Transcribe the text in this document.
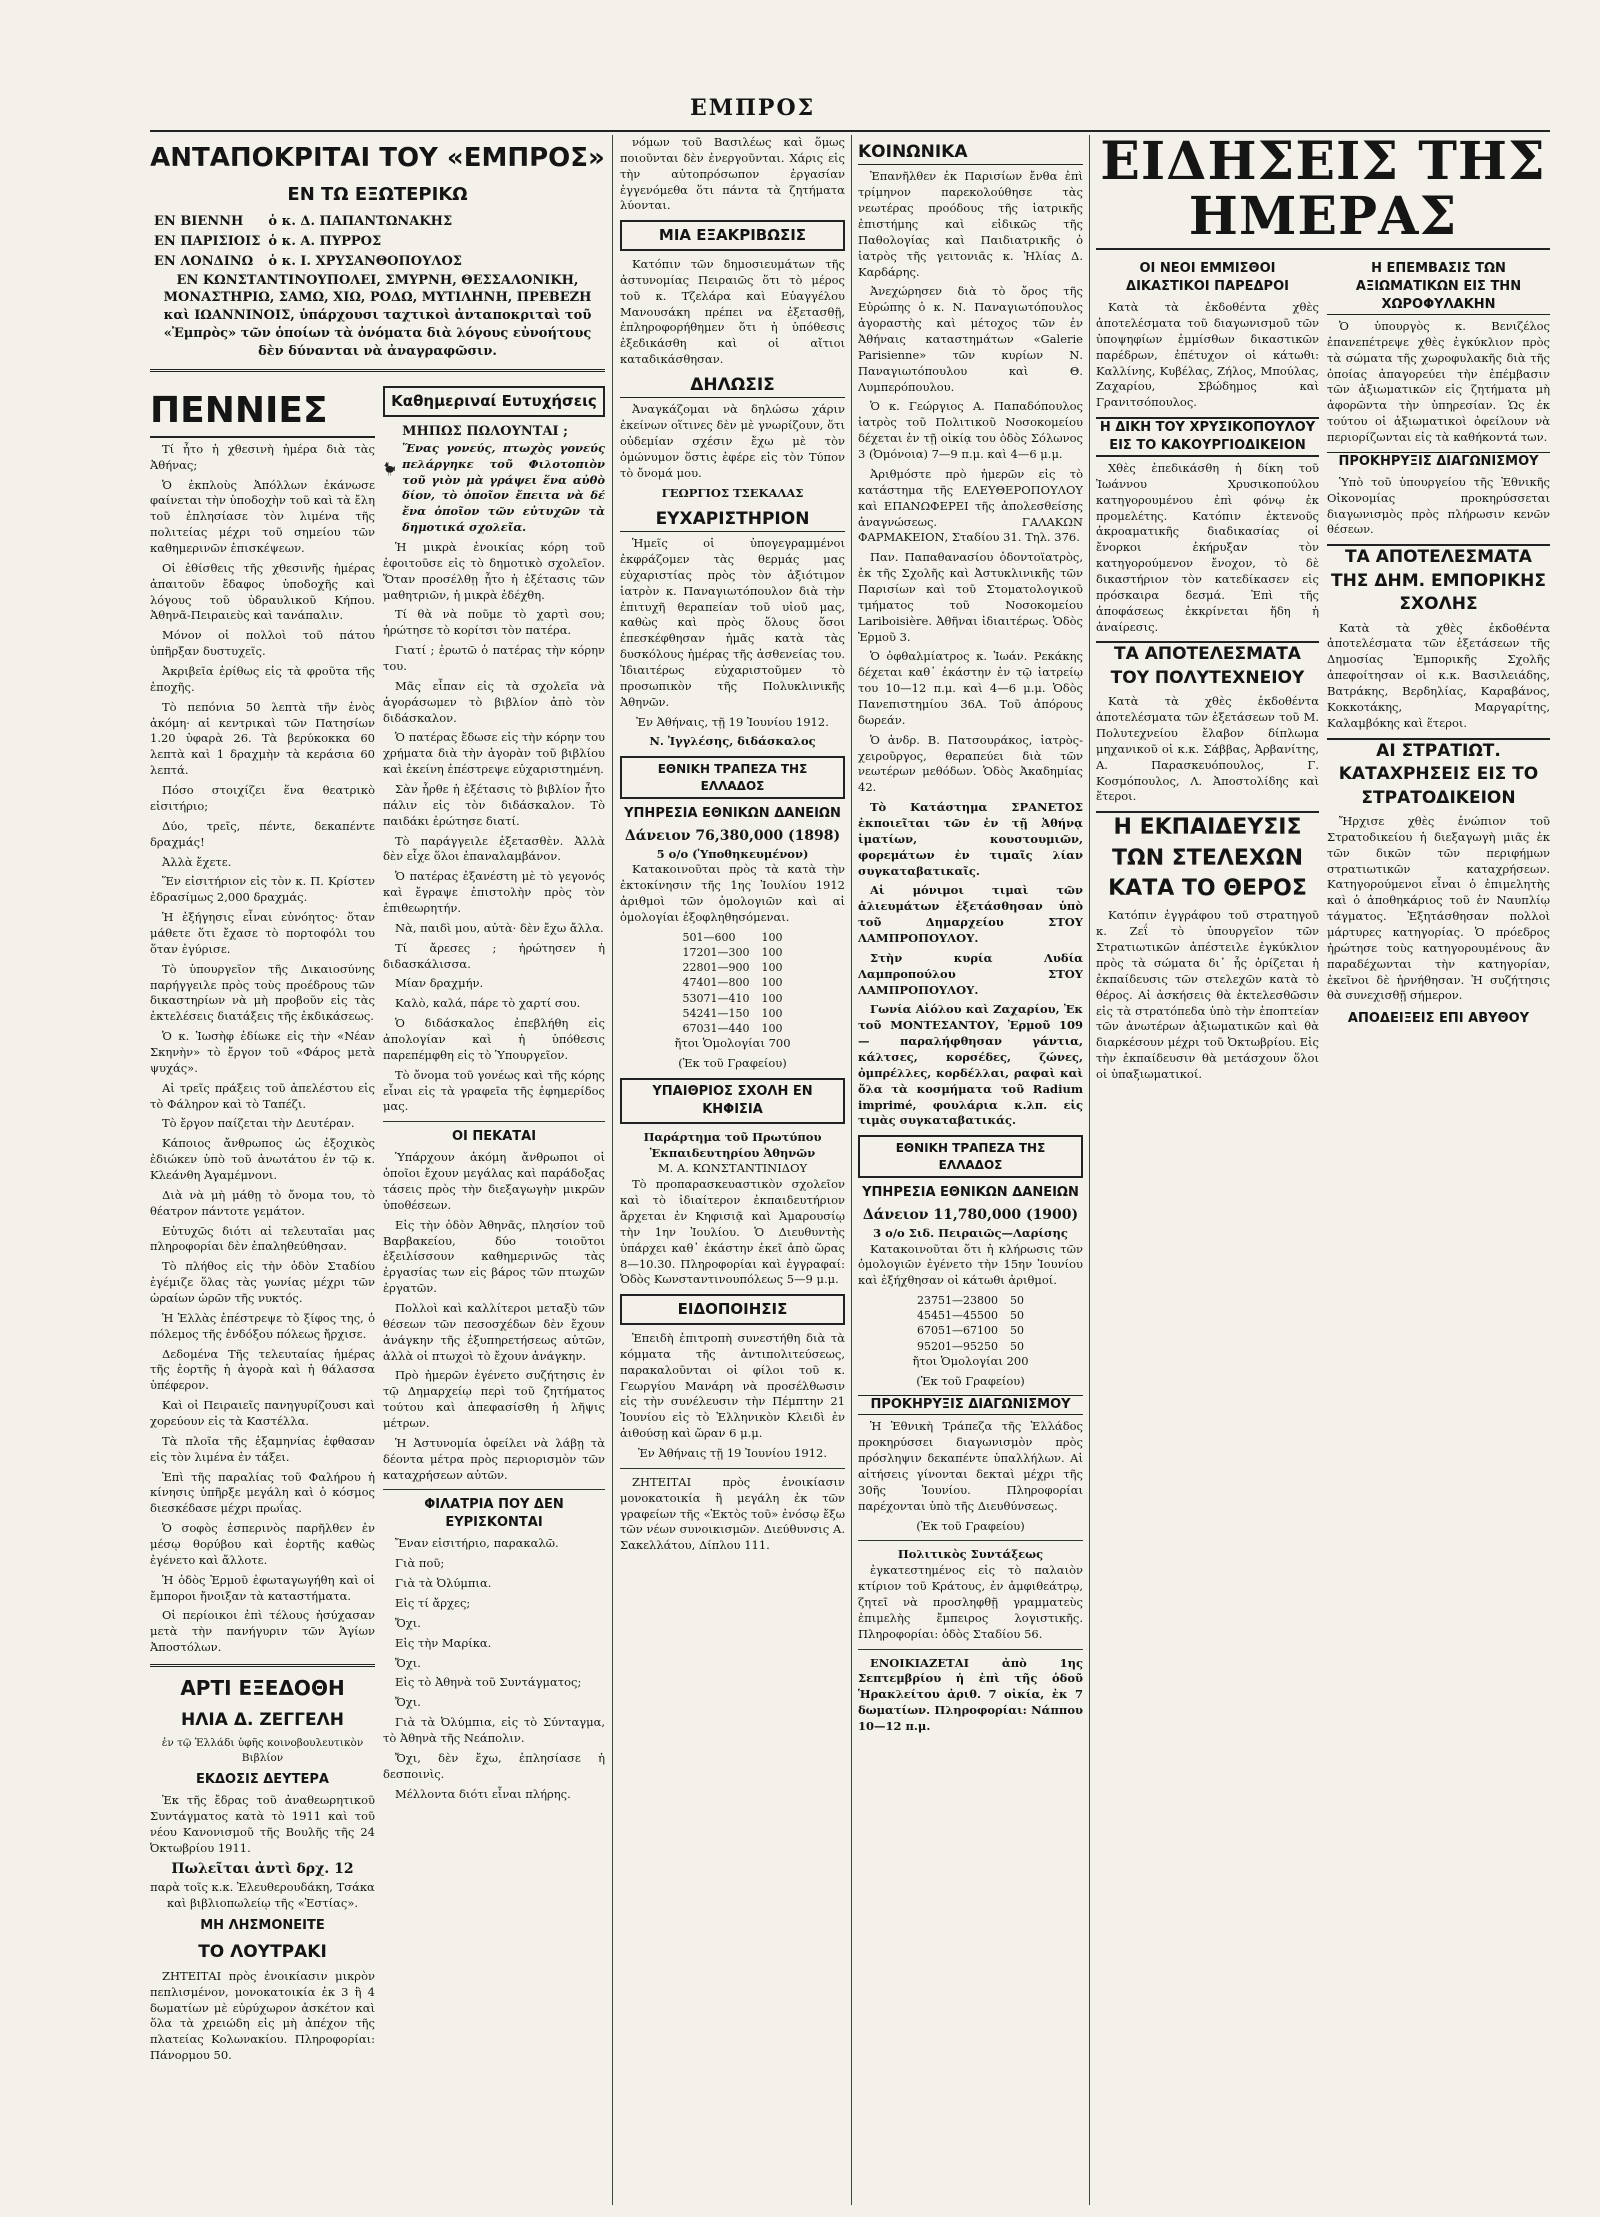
ΕΜΠΡΟΣ
ΑΝΤΑΠΟΚΡΙΤΑΙ ΤΟΥ «ΕΜΠΡΟΣ»
ΕΝ ΤΩ ΕΞΩΤΕΡΙΚΩ
ΕΝ ΒΙΕΝΝΗ	ὁ κ. Δ. ΠΑΠΑΝΤΩΝΑΚΗΣ
ΕΝ ΠΑΡΙΣΙΟΙΣ	ὁ κ. Α. ΠΥΡΡΟΣ
ΕΝ ΛΟΝΔΙΝΩ	ὁ κ. Ι. ΧΡΥΣΑΝΘΟΠΟΥΛΟΣ

ΕΝ ΚΩΝΣΤΑΝΤΙΝΟΥΠΟΛΕΙ, ΣΜΥΡΝΗ, ΘΕΣΣΑΛΟΝΙΚΗ, ΜΟΝΑΣΤΗΡΙΩ, ΣΑΜΩ, ΧΙΩ, ΡΟΔΩ, ΜΥΤΙΛΗΝΗ, ΠΡΕΒΕΖΗ καὶ ΙΩΑΝΝΙΝΟΙΣ, ὑπάρχουσι ταχτικοὶ ἀνταποκριταὶ τοῦ «Ἐμπρὸς» τῶν ὁποίων τὰ ὀνόματα διὰ λόγους εὐνοήτους δὲν δύνανται νὰ ἀναγραφῶσιν.

ΠΕΝΝΙΕΣ

Τί ἦτο ἡ χθεσινὴ ἡμέρα διὰ τὰς Ἀθήνας;

Ὁ ἐκπλοὺς Ἀπόλλων ἐκάνωσε φαίνεται τὴν ὑποδοχὴν τοῦ καὶ τὰ ἔλη τοῦ ἐπλησίασε τὸν λιμένα τῆς πολιτείας μέχρι τοῦ σημείου τῶν καθημερινῶν ἐπισκέψεων.

Οἱ ἐθίσθεις τῆς χθεσινῆς ἡμέρας ἀπαιτοῦν ἔδαφος ὑποδοχῆς καὶ λόγους τοῦ ὑδραυλικοῦ Κήπου. Ἀθηνᾶ-Πειραιεὺς καὶ τανάπαλιν.

Μόνον οἱ πολλοὶ τοῦ πάτου ὑπῆρξαν δυστυχεῖς.

Ἀκριβεῖα ἐρίθως εἰς τὰ φροῦτα τῆς ἐποχῆς.

Τὸ πεπόνια 50 λεπτὰ τῆν ἑνὸς ἀκόμη· αἱ κεντρικαὶ τῶν Πατησίων 1.20 ὑφαρὰ 26. Τὰ βερύκοκκα 60 λεπτὰ καὶ 1 δραχμὴν τὰ κεράσια 60 λεπτά.

Πόσο στοιχίζει ἕνα θεατρικὸ εἰσιτήριο;

Δύο, τρεῖς, πέντε, δεκαπέντε δραχμάς!

Ἀλλὰ ἔχετε.

Ἕν εἰσιτήριον εἰς τὸν κ. Π. Κρίστεν ἐδρασίμως 2,000 δραχμάς.

Ἡ ἐξήγησις εἶναι εὐνόητος· ὅταν μάθετε ὅτι ἔχασε τὸ πορτοφόλι του ὅταν ἐγύρισε.

Τὸ ὑπουργεῖον τῆς Δικαιοσύνης παρήγγειλε πρὸς τοὺς προέδρους τῶν δικαστηρίων νὰ μὴ προβοῦν εἰς τὰς ἐκτελέσεις διατάξεις τῆς ἐκδικάσεως.

Ὁ κ. Ἰωσὴφ ἐδίωκε εἰς τὴν «Νέαν Σκηνὴν» τὸ ἔργον τοῦ «Φάρος μετὰ ψυχάς».

Αἱ τρεῖς πράξεις τοῦ ἀπελέστου εἰς τὸ Φάληρον καὶ τὸ Ταπέζι.

Τὸ ἔργον παίζεται τὴν Δευτέραν.

Κάποιος ἄνθρωπος ὡς ἐξοχικὸς ἐδιώκεν ὑπὸ τοῦ ἀνωτάτου ἐν τῷ κ. Κλεάνθη Ἀγαμέμνονι.

Διὰ νὰ μὴ μάθῃ τὸ ὄνομα του, τὸ θέατρον πάντοτε γεμάτον.

Εὐτυχῶς διότι αἱ τελευταῖαι μας πληροφορίαι δὲν ἐπαληθεύθησαν.

Τὸ πλήθος εἰς τὴν ὁδὸν Σταδίου ἐγέμιζε ὅλας τὰς γωνίας μέχρι τῶν ὡραίων ὡρῶν τῆς νυκτός.

Ἡ Ἑλλὰς ἐπέστρεψε τὸ ξίφος της, ὁ πόλεμος τῆς ἐνδόξου πόλεως ἤρχισε.

Δεδομένα Τῆς τελευταίας ἡμέρας τῆς ἑορτῆς ἡ ἀγορὰ καὶ ἡ θάλασσα ὑπέφερον.

Καὶ οἱ Πειραιεῖς πανηγυρίζουσι καὶ χορεύουν εἰς τὰ Καστέλλα.

Τὰ πλοῖα τῆς ἐξαμηνίας ἐφθασαν εἰς τὸν λιμένα ἐν τάξει.

Ἐπὶ τῆς παραλίας τοῦ Φαλήρου ἡ κίνησις ὑπῆρξε μεγάλη καὶ ὁ κόσμος διεσκέδασε μέχρι πρωΐας.

Ὁ σοφὸς ἐσπερινὸς παρῆλθεν ἐν μέσῳ θορύβου καὶ ἑορτῆς καθὼς ἐγένετο καὶ ἄλλοτε.

Ἡ ὁδὸς Ἑρμοῦ ἐφωταγωγήθη καὶ οἱ ἔμποροι ἤνοιξαν τὰ καταστήματα.

Οἱ περίοικοι ἐπὶ τέλους ἡσύχασαν μετὰ τὴν πανήγυριν τῶν Ἁγίων Ἀποστόλων.

ΑΡΤΙ ΕΞΕΔΟΘΗ
ΗΛΙΑ Δ. ΖΕΓΓΕΛΗ

ἐν τῷ Ἑλλάδι ὑφῆς κοινοβουλευτικὸν Βιβλίον

ΕΚΔΟΣΙΣ ΔΕΥΤΕΡΑ

Ἐκ τῆς ἔδρας τοῦ ἀναθεωρητικοῦ Συντάγματος κατὰ τὸ 1911 καὶ τοῦ νέου Κανονισμοῦ τῆς Βουλῆς τῆς 24 Ὀκτωβρίου 1911.

Πωλεῖται ἀντὶ δρχ. 12

παρὰ τοῖς κ.κ. Ἐλευθερουδάκη, Τσάκα καὶ βιβλιοπωλείῳ τῆς «Ἑστίας».

ΜΗ ΛΗΣΜΟΝΕΙΤΕ
ΤΟ ΛΟΥΤΡΑΚΙ

ΖΗΤΕΙΤΑΙ πρὸς ἐνοικίασιν μικρὸν πεπλισμένον, μονοκατοικία ἐκ 3 ἢ 4 δωματίων μὲ εὐρύχωρον ἀσκέτον καὶ ὅλα τὰ χρειώδη εἰς μὴ ἀπέχον τῆς πλατείας Κολωνακίου. Πληροφορίαι: Πάνορμου 50.

Καθημεριναί Ευτυχήσεις
ΜΗΠΩΣ ΠΩΛΟΥΝΤΑΙ ;

Ἕνας γονεύς, πτωχὸς γονεύς πελάργηκε τοῦ Φιλοτοπιὸν τοῦ γιὸν μὰ γράψει ἕνα αὐθὸ δίον, τὸ ὁποῖον ἔπειτα νὰ δέ ἔνα ὁποῖον τῶν εὐτυχῶν τὰ δημοτικά σχολεῖα.

Ἡ μικρὰ ἐνοικίας κόρη τοῦ ἐφοιτοῦσε εἰς τὸ δημοτικὸ σχολεῖον. Ὅταν προσέλθῃ ἦτο ἡ ἐξέτασις τῶν μαθητριῶν, ἡ μικρὰ ἐδέχθη.

Τί θὰ νὰ ποῦμε τὸ χαρτὶ σου; ἠρώτησε τὸ κορίτσι τὸν πατέρα.

Γιατί ; ἐρωτῶ ὁ πατέρας τὴν κόρην του.

Μᾶς εἶπαν εἰς τὰ σχολεῖα νὰ ἀγοράσωμεν τὸ βιβλίον ἀπὸ τὸν διδάσκαλον.

Ὁ πατέρας ἔδωσε εἰς τὴν κόρην του χρήματα διὰ τὴν ἀγορὰν τοῦ βιβλίου καὶ ἐκείνη ἐπέστρεψε εὐχαριστημένη.

Σὰν ἦρθε ἡ ἐξέτασις τὸ βιβλίον ἦτο πάλιν εἰς τὸν διδάσκαλον. Τὸ παιδάκι ἐρώτησε διατί.

Τὸ παράγγειλε ἐξετασθὲν. Ἀλλὰ δὲν εἶχε ὅλοι ἐπαναλαμβάνον.

Ὁ πατέρας ἐξανέστη μὲ τὸ γεγονός καὶ ἔγραψε ἐπιστολὴν πρὸς τὸν ἐπιθεωρητήν.

Νὰ, παιδὶ μου, αὐτὰ· δὲν ἔχω ἄλλα.

Τί ἄρεσες ; ἠρώτησεν ἡ διδασκάλισσα.

Μίαν δραχμήν.

Καλὸ, καλά, πάρε τὸ χαρτί σου.

Ὁ διδάσκαλος ἐπεβλήθη εἰς ἀπολογίαν καὶ ἡ ὑπόθεσις παρεπέμφθη εἰς τὸ Ὑπουργεῖον.

Τὸ ὄνομα τοῦ γονέως καὶ τῆς κόρης εἶναι εἰς τὰ γραφεῖα τῆς ἐφημερίδος μας.

ΟΙ ΠΕΚΑΤΑΙ

Ὑπάρχουν ἀκόμη ἄνθρωποι οἱ ὁποῖοι ἔχουν μεγάλας καὶ παράδοξας τάσεις πρὸς τὴν διεξαγωγὴν μικρῶν ὑποθέσεων.

Εἰς τὴν ὁδὸν Ἀθηνᾶς, πλησίον τοῦ Βαρβακείου, δύο τοιοῦτοι ἐξειλίσσουν καθημερινῶς τὰς ἐργασίας των εἰς βάρος τῶν πτωχῶν ἐργατῶν.

Πολλοὶ καὶ καλλίτεροι μεταξὺ τῶν θέσεων τῶν πεσοσχέδων δὲν ἔχουν ἀνάγκην τῆς ἐξυπηρετήσεως αὐτῶν, ἀλλὰ οἱ πτωχοὶ τὸ ἔχουν ἀνάγκην.

Πρὸ ἡμερῶν ἐγένετο συζήτησις ἐν τῷ Δημαρχείῳ περὶ τοῦ ζητήματος τούτου καὶ ἀπεφασίσθη ἡ λῆψις μέτρων.

Ἡ Ἀστυνομία ὀφείλει νὰ λάβῃ τὰ δέοντα μέτρα πρὸς περιορισμὸν τῶν καταχρήσεων αὐτῶν.

ΦΙΛΑΤΡΙΑ ΠΟΥ ΔΕΝ ΕΥΡΙΣΚΟΝΤΑΙ

Ἔναν εἰσιτήριο, παρακαλῶ.

Γιὰ ποῦ;

Γιὰ τὰ Ὀλύμπια.

Εἰς τί ἄρχες;

Ὄχι.

Εἰς τὴν Μαρίκα.

Ὄχι.

Εἰς τὸ Ἀθηνὰ τοῦ Συντάγματος;

Ὄχι.

Γιὰ τὰ Ὀλύμπια, εἰς τὸ Σύνταγμα, τὸ Ἀθηνὰ τῆς Νεάπολιν.

Ὄχι, δὲν ἔχω, ἐπλησίασε ἡ δεσποινὶς.

Μέλλοντα διότι εἶναι πλήρης.

νόμων τοῦ Βασιλέως καὶ ὅμως ποιοῦνται δὲν ἐνεργοῦνται. Χάρις εἰς τὴν αὐτοπρόσωπον ἐργασίαν ἐγγενόμεθα ὅτι πάντα τὰ ζητήματα λύονται.

ΜΙΑ ΕΞΑΚΡΙΒΩΣΙΣ

Κατόπιν τῶν δημοσιευμάτων τῆς ἀστυνομίας Πειραιῶς ὅτι τὸ μέρος τοῦ κ. Τζελάρα καὶ Εὐαγγέλου Μανουσάκη πρέπει να ἐξετασθῇ, ἐπληροφορήθημεν ὅτι ἡ ὑπόθεσις ἐξεδικάσθη καὶ οἱ αἴτιοι καταδικάσθησαν.

ΔΗΛΩΣΙΣ

Ἀναγκάζομαι νὰ δηλώσω χάριν ἐκείνων οἵτινες δὲν μὲ γνωρίζουν, ὅτι οὐδεμίαν σχέσιν ἔχω μὲ τὸν ὁμώνυμον ὅστις ἐφέρε εἰς τὸν Τύπον τὸ ὄνομά μου.

ΓΕΩΡΓΙΟΣ ΤΣΕΚΑΛΑΣ

ΕΥΧΑΡΙΣΤΗΡΙΟΝ

Ἡμεῖς οἱ ὑπογεγραμμένοι ἐκφράζομεν τὰς θερμάς μας εὐχαριστίας πρὸς τὸν ἀξιότιμον ἰατρὸν κ. Παναγιωτόπουλον διὰ τὴν ἐπιτυχῆ θεραπείαν τοῦ υἱοῦ μας, καθὼς καὶ πρὸς ὅλους ὅσοι ἐπεσκέφθησαν ἡμᾶς κατὰ τὰς δυσκόλους ἡμέρας τῆς ἀσθενείας του. Ἰδιαιτέρως εὐχαριστοῦμεν τὸ προσωπικὸν τῆς Πολυκλινικῆς Ἀθηνῶν.

Ἐν Ἀθήναις, τῇ 19 Ἰουνίου 1912.

Ν. Ἰγγλέσης, διδάσκαλος

ΕΘΝΙΚΗ ΤΡΑΠΕΖΑ ΤΗΣ ΕΛΛΑΔΟΣ
ΥΠΗΡΕΣΙΑ ΕΘΝΙΚΩΝ ΔΑΝΕΙΩΝ
Δάνειον 76,380,000 (1898)
5 ο/ο (Ὑποθηκευμένον)

Κατακοινοῦται πρὸς τὰ κατὰ τὴν ἐκτοκίνησιν τῆς 1ης Ἰουλίου 1912 ἀριθμοὶ τῶν ὁμολογιῶν καὶ αἱ ὁμολογίαι ἐξοφληθησόμεναι.

501—600	100
17201—300	100
22801—900	100
47401—800	100
53071—410	100
54241—150	100
67031—440	100

ἤτοι Ὁμολογίαι 700

(Ἐκ τοῦ Γραφείου)

ΥΠΑΙΘΡΙΟΣ ΣΧΟΛΗ ΕΝ ΚΗΦΙΣΙΑ
Παράρτημα τοῦ Πρωτύπου Ἐκπαιδευτηρίου Ἀθηνῶν
Μ. Α. ΚΩΝΣΤΑΝΤΙΝΙΔΟΥ

Τὸ προπαρασκευαστικὸν σχολεῖον καὶ τὸ ἰδιαίτερον ἐκπαιδευτήριον ἄρχεται ἐν Κηφισιᾷ καὶ Ἀμαρουσίῳ τὴν 1ην Ἰουλίου. Ὁ Διευθυντὴς ὑπάρχει καθ᾽ ἑκάστην ἐκεῖ ἀπὸ ὥρας 8—10.30. Πληροφορίαι καὶ ἐγγραφαί: Ὁδὸς Κωνσταντινουπόλεως 5—9 μ.μ.

ΕΙΔΟΠΟΙΗΣΙΣ

Ἐπειδὴ ἐπιτροπὴ συνεστήθη διὰ τὰ κόμματα τῆς ἀντιπολιτεύσεως, παρακαλοῦνται οἱ φίλοι τοῦ κ. Γεωργίου Μανάρη νὰ προσέλθωσιν εἰς τὴν συνέλευσιν τὴν Πέμπτην 21 Ἰουνίου εἰς τὸ Ἑλληνικὸν Κλειδὶ ἐν ἀιθούσῃ καὶ ὥραν 6 μ.μ.

Ἐν Ἀθήναις τῇ 19 Ἰουνίου 1912.

ΖΗΤΕΙΤΑΙ πρὸς ἐνοικίασιν μονοκατοικία ἢ μεγάλη ἐκ τῶν γραφείων τῆς «Ἐκτὸς τοῦ» ἐνόσῳ ἔξω τῶν νέων συνοικισμῶν. Διεύθυνσις Α. Σακελλάτου, Δίπλου 111.

ΚΟΙΝΩΝΙΚΑ

Ἐπανῆλθεν ἐκ Παρισίων ἔνθα ἐπὶ τρίμηνον παρεκολούθησε τὰς νεωτέρας προόδους τῆς ἰατρικῆς ἐπιστήμης καὶ εἰδικῶς τῆς Παθολογίας καὶ Παιδιατρικῆς ὁ ἰατρὸς τῆς γειτονιᾶς κ. Ἠλίας Δ. Καρδάρης.

Ἀνεχώρησεν διὰ τὸ ὄρος τῆς Εὐρώπης ὁ κ. Ν. Παναγιωτόπουλος ἀγοραστὴς καὶ μέτοχος τῶν ἐν Ἀθήναις καταστημάτων «Galerie Parisienne» τῶν κυρίων Ν. Παναγιωτόπουλου καὶ Θ. Λυμπερόπουλου.

Ὁ κ. Γεώργιος Α. Παπαδόπουλος ἰατρὸς τοῦ Πολιτικοῦ Νοσοκομείου δέχεται ἐν τῇ οἰκίᾳ του ὁδὸς Σόλωνος 3 (Ὀμόνοια) 7—9 π.μ. καὶ 4—6 μ.μ.

Ἀριθμόστε πρὸ ἡμερῶν εἰς τὸ κατάστημα τῆς ΕΛΕΥΘΕΡΟΠΟΥΛΟΥ καὶ ΕΠΑΝΩΦΕΡΕΙ τῆς ἀπολεσθείσης ἀναγνώσεως. ΓΑΛΑΚΩΝ ΦΑΡΜΑΚΕΙΟΝ, Σταδίου 31. Τηλ. 376.

Παν. Παπαθανασίου ὀδοντοϊατρὸς, ἐκ τῆς Σχολῆς καὶ Ἀστυκλινικῆς τῶν Παρισίων καὶ τοῦ Στοματολογικοῦ τμήματος τοῦ Νοσοκομείου Lariboisière. Ἀθῆναι ἰδιαιτέρως. Ὁδὸς Ἐρμοῦ 3.

Ὁ ὀφθαλμίατρος κ. Ἰωάν. Ρεκάκης δέχεται καθ᾽ ἑκάστην ἐν τῷ ἰατρείῳ του 10—12 π.μ. καὶ 4—6 μ.μ. Ὁδὸς Πανεπιστημίου 36Α. Τοῦ ἀπόρους δωρεάν.

Ὁ ἀνδρ. Β. Πατσουράκος, ἰατρὸς-χειροῦργος, θεραπεύει διὰ τῶν νεωτέρων μεθόδων. Ὁδὸς Ἀκαδημίας 42.

Τὸ Κατάστημα ΣΡΑΝΕΤΟΣ ἐκποιεῖται τῶν ἐν τῇ Ἀθήνᾳ ἱματίων, κουστουμιῶν, φορεμάτων ἐν τιμαῖς λίαν συγκαταβατικαῖς.

Αἱ μόνιμοι τιμαὶ τῶν ἁλιευμάτων ἐξετάσθησαν ὑπὸ τοῦ Δημαρχείου ΣΤΟΥ ΛΑΜΠΡΟΠΟΥΛΟΥ.

Στὴν κυρία Λυδία Λαμπροπούλου ΣΤΟΥ ΛΑΜΠΡΟΠΟΥΛΟΥ.

Γωνία Αἰόλου καὶ Ζαχαρίου, Ἐκ τοῦ ΜΟΝΤΕΣΑΝΤΟΥ, Ἐρμοῦ 109 — παραλήφθησαν γάντια, κάλτσες, κορσέδες, ζώνες, ὀμπρέλλες, κορδέλλαι, ραφαὶ καὶ ὅλα τὰ κοσμήματα τοῦ Radium imprimé, φουλάρια κ.λπ. εἰς τιμὰς συγκαταβατικάς.

ΕΘΝΙΚΗ ΤΡΑΠΕΖΑ ΤΗΣ ΕΛΛΑΔΟΣ
ΥΠΗΡΕΣΙΑ ΕΘΝΙΚΩΝ ΔΑΝΕΙΩΝ
Δάνειον 11,780,000 (1900)
3 ο/ο Σιδ. Πειραιῶς—Λαρίσης

Κατακοινοῦται ὅτι ἡ κλήρωσις τῶν ὁμολογιῶν ἐγένετο τὴν 15ην Ἰουνίου καὶ ἐξήχθησαν οἱ κάτωθι ἀριθμοί.

23751—23800	50
45451—45500	50
67051—67100	50
95201—95250	50

ἤτοι Ὁμολογίαι 200

(Ἐκ τοῦ Γραφείου)

ΠΡΟΚΗΡΥΞΙΣ ΔΙΑΓΩΝΙΣΜΟΥ

Ἡ Ἐθνικὴ Τράπεζα τῆς Ἑλλάδος προκηρύσσει διαγωνισμὸν πρὸς πρόσληψιν δεκαπέντε ὑπαλλήλων. Αἱ αἰτήσεις γίνονται δεκταὶ μέχρι τῆς 30ῆς Ἰουνίου. Πληροφορίαι παρέχονται ὑπὸ τῆς Διευθύνσεως.

(Ἐκ τοῦ Γραφείου)

Πολιτικὸς Συντάξεως

ἐγκατεστημένος εἰς τὸ παλαιὸν κτίριον τοῦ Κράτους, ἐν ἀμφιθεάτρῳ, ζητεῖ νὰ προσληφθῇ γραμματεὺς ἐπιμελὴς ἔμπειρος λογιστικῆς. Πληροφορίαι: ὁδὸς Σταδίου 56.

ΕΝΟΙΚΙΑΖΕΤΑΙ ἀπὸ 1ης Σεπτεμβρίου ἡ ἐπὶ τῆς ὁδοῦ Ἡρακλείτου ἀριθ. 7 οἰκία, ἐκ 7 δωματίων. Πληροφορίαι: Νάππου 10—12 π.μ.

ΕΙΔΗΣΕΙΣ ΤΗΣ ΗΜΕΡΑΣ
ΟΙ ΝΕΟΙ ΕΜΜΙΣΘΟΙ ΔΙΚΑΣΤΙΚΟΙ ΠΑΡΕΔΡΟΙ

Κατὰ τὰ ἐκδοθέντα χθὲς ἀποτελέσματα τοῦ διαγωνισμοῦ τῶν ὑποψηφίων ἐμμίσθων δικαστικῶν παρέδρων, ἐπέτυχον οἱ κάτωθι: Καλλίνης, Κυβέλας, Ζήλος, Μπούλας, Ζαχαρίου, Σβώδημος καὶ Γρανιτσόπουλος.

Η ΔΙΚΗ ΤΟΥ ΧΡΥΣΙΚΟΠΟΥΛΟΥ ΕΙΣ ΤΟ ΚΑΚΟΥΡΓΙΟΔΙΚΕΙΟΝ

Χθὲς ἐπεδικάσθη ἡ δίκη τοῦ Ἰωάννου Χρυσικοπούλου κατηγορουμένου ἐπὶ φόνῳ ἐκ προμελέτης. Κατόπιν ἐκτενοῦς ἀκροαματικῆς διαδικασίας οἱ ἔνορκοι ἐκήρυξαν τὸν κατηγορούμενον ἔνοχον, τὸ δὲ δικαστήριον τὸν κατεδίκασεν εἰς πρόσκαιρα δεσμά. Ἐπὶ τῆς ἀποφάσεως ἐκκρίνεται ἤδη ἡ ἀναίρεσις.

ΤΑ ΑΠΟΤΕΛΕΣΜΑΤΑ ΤΟΥ ΠΟΛΥΤΕΧΝΕΙΟΥ

Κατὰ τὰ χθὲς ἐκδοθέντα ἀποτελέσματα τῶν ἐξετάσεων τοῦ Μ. Πολυτεχνείου ἔλαβον δίπλωμα μηχανικοῦ οἱ κ.κ. Σάββας, Ἀρβανίτης, Α. Παρασκευόπουλος, Γ. Κοσμόπουλος, Λ. Ἀποστολίδης καὶ ἕτεροι.

Η ΕΚΠΑΙΔΕΥΣΙΣ ΤΩΝ ΣΤΕΛΕΧΩΝ ΚΑΤΑ ΤΟ ΘΕΡΟΣ

Κατόπιν ἐγγράφου τοῦ στρατηγοῦ κ. Ζεΐ τὸ ὑπουργεῖον τῶν Στρατιωτικῶν ἀπέστειλε ἐγκύκλιον πρὸς τὰ σώματα δι᾽ ἧς ὁρίζεται ἡ ἐκπαίδευσις τῶν στελεχῶν κατὰ τὸ θέρος. Αἱ ἀσκήσεις θὰ ἐκτελεσθῶσιν εἰς τὰ στρατόπεδα ὑπὸ τὴν ἐποπτείαν τῶν ἀνωτέρων ἀξιωματικῶν καὶ θὰ διαρκέσουν μέχρι τοῦ Ὀκτωβρίου. Εἰς τὴν ἐκπαίδευσιν θὰ μετάσχουν ὅλοι οἱ ὑπαξιωματικοί.

Η ΕΠΕΜΒΑΣΙΣ ΤΩΝ ΑΞΙΩΜΑΤΙΚΩΝ ΕΙΣ ΤΗΝ ΧΩΡΟΦΥΛΑΚΗΝ

Ὁ ὑπουργὸς κ. Βενιζέλος ἐπανεπέτρεψε χθὲς ἐγκύκλιον πρὸς τὰ σώματα τῆς χωροφυλακῆς διὰ τῆς ὁποίας ἀπαγορεύει τὴν ἐπέμβασιν τῶν ἀξιωματικῶν εἰς ζητήματα μὴ ἀφορῶντα τὴν ὑπηρεσίαν. Ὡς ἐκ τούτου οἱ ἀξιωματικοὶ ὀφείλουν νὰ περιορίζωνται εἰς τὰ καθήκοντά των.

ΠΡΟΚΗΡΥΞΙΣ ΔΙΑΓΩΝΙΣΜΟΥ

Ὑπὸ τοῦ ὑπουργείου τῆς Ἐθνικῆς Οἰκονομίας προκηρύσσεται διαγωνισμὸς πρὸς πλήρωσιν κενῶν θέσεων.

ΤΑ ΑΠΟΤΕΛΕΣΜΑΤΑ ΤΗΣ ΔΗΜ. ΕΜΠΟΡΙΚΗΣ ΣΧΟΛΗΣ

Κατὰ τὰ χθὲς ἐκδοθέντα ἀποτελέσματα τῶν ἐξετάσεων τῆς Δημοσίας Ἐμπορικῆς Σχολῆς ἀπεφοίτησαν οἱ κ.κ. Βασιλειάδης, Βατράκης, Βερδηλίας, Καραβάνος, Κοκκοτάκης, Μαργαρίτης, Καλαμβόκης καὶ ἕτεροι.

ΑΙ ΣΤΡΑΤΙΩΤ. ΚΑΤΑΧΡΗΣΕΙΣ ΕΙΣ ΤΟ ΣΤΡΑΤΟΔΙΚΕΙΟΝ

Ἤρχισε χθὲς ἐνώπιον τοῦ Στρατοδικείου ἡ διεξαγωγὴ μιᾶς ἐκ τῶν δικῶν τῶν περιφήμων στρατιωτικῶν καταχρήσεων. Κατηγορούμενοι εἶναι ὁ ἐπιμελητὴς καὶ ὁ ἀποθηκάριος τοῦ ἐν Ναυπλίῳ τάγματος. Ἐξητάσθησαν πολλοὶ μάρτυρες κατηγορίας. Ὁ πρόεδρος ἠρώτησε τοὺς κατηγορουμένους ἂν παραδέχωνται τὴν κατηγορίαν, ἐκεῖνοι δὲ ἠρνήθησαν. Ἡ συζήτησις θὰ συνεχισθῇ σήμερον.

ΑΠΟΔΕΙΞΕΙΣ ΕΠΙ ΑΒΥΘΟΥ
